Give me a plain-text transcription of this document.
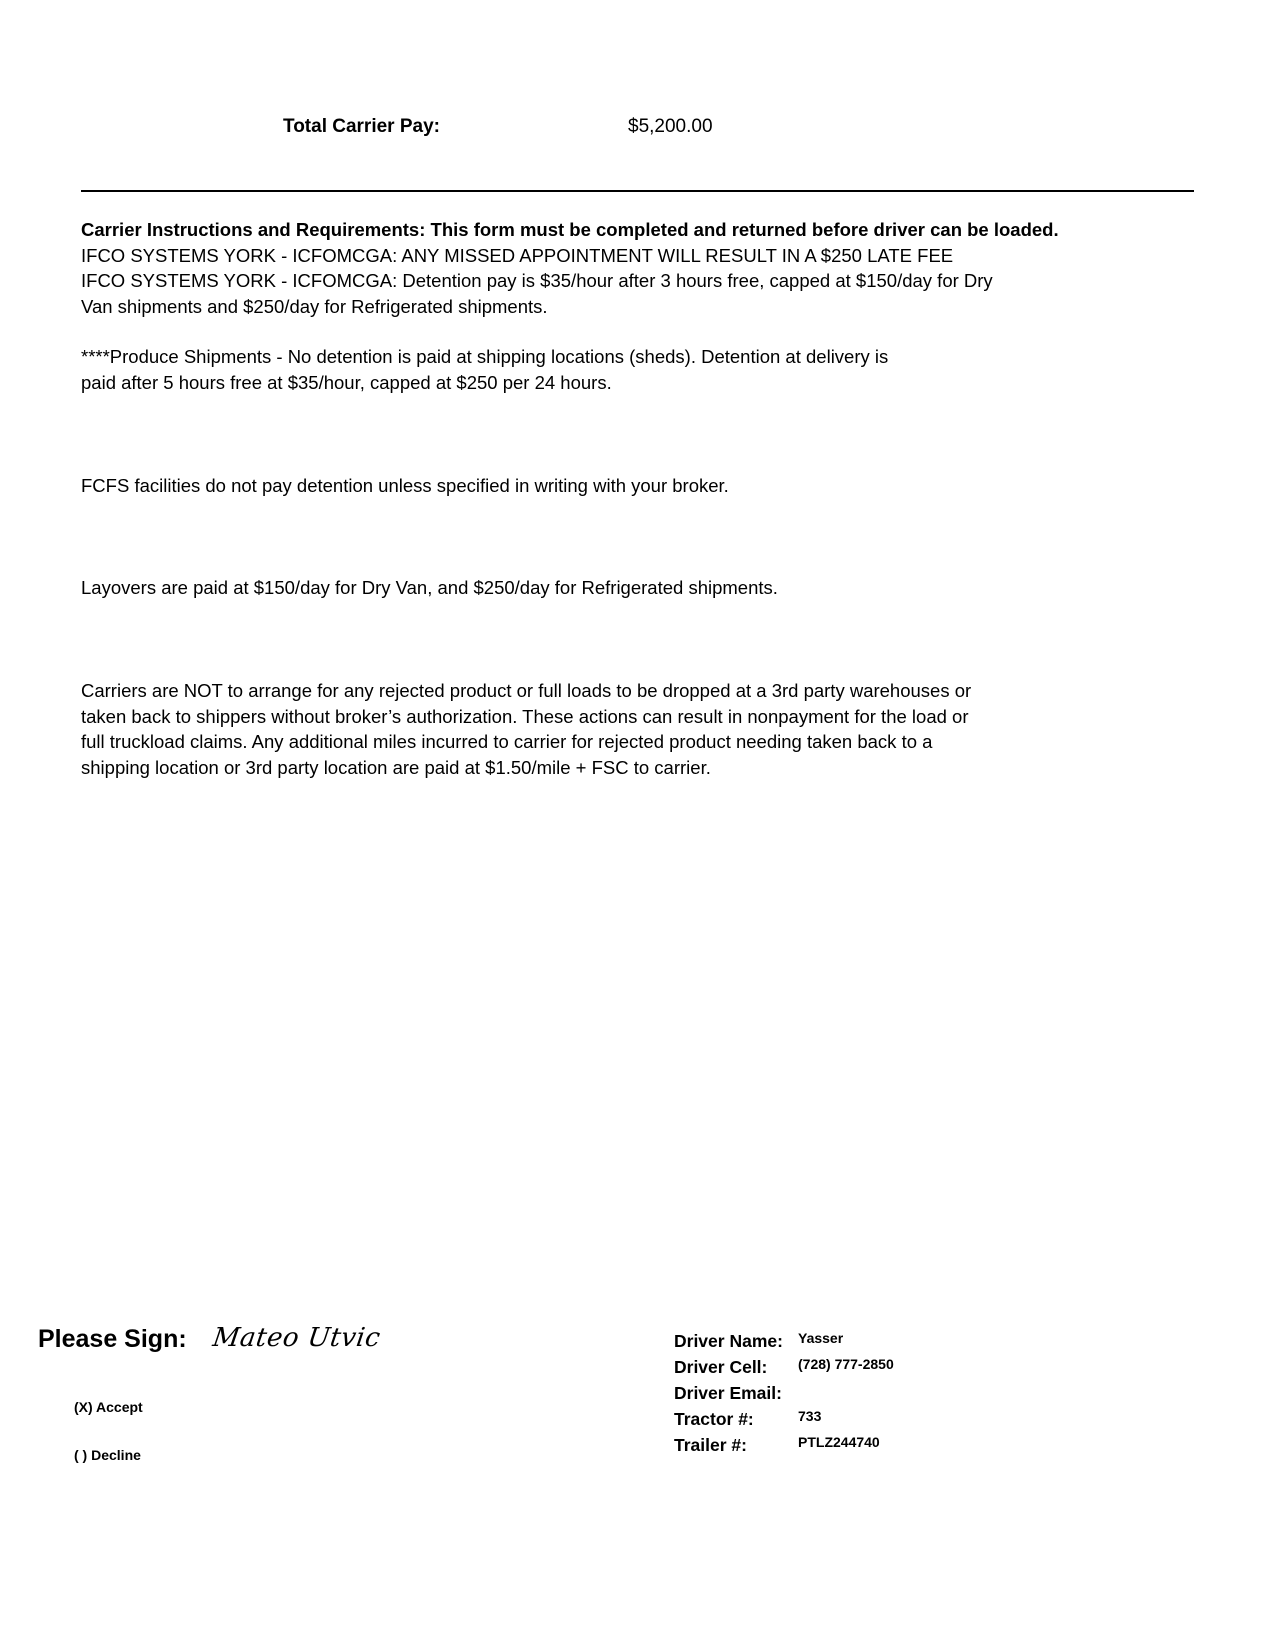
Total Carrier Pay:	$5,200.00
Carrier Instructions and Requirements: This form must be completed and returned before driver can be loaded.
IFCO SYSTEMS YORK - ICFOMCGA: ANY MISSED APPOINTMENT WILL RESULT IN A $250 LATE FEE
IFCO SYSTEMS YORK - ICFOMCGA: Detention pay is $35/hour after 3 hours free, capped at $150/day for Dry
Van shipments and $250/day for Refrigerated shipments.
****Produce Shipments - No detention is paid at shipping locations (sheds). Detention at delivery is
paid after 5 hours free at $35/hour, capped at $250 per 24 hours.
FCFS facilities do not pay detention unless specified in writing with your broker.
Layovers are paid at $150/day for Dry Van, and $250/day for Refrigerated shipments.
Carriers are NOT to arrange for any rejected product or full loads to be dropped at a 3rd party warehouses or
taken back to shippers without broker’s authorization. These actions can result in nonpayment for the load or
full truckload claims. Any additional miles incurred to carrier for rejected product needing taken back to a
shipping location or 3rd party location are paid at $1.50/mile + FSC to carrier.
Please Sign: Mateo Utvic
(X) Accept
( ) Decline
Driver Name: Yasser
Driver Cell: (728) 777-2850
Driver Email:
Tractor #:	733
Trailer #:	PTLZ244740
